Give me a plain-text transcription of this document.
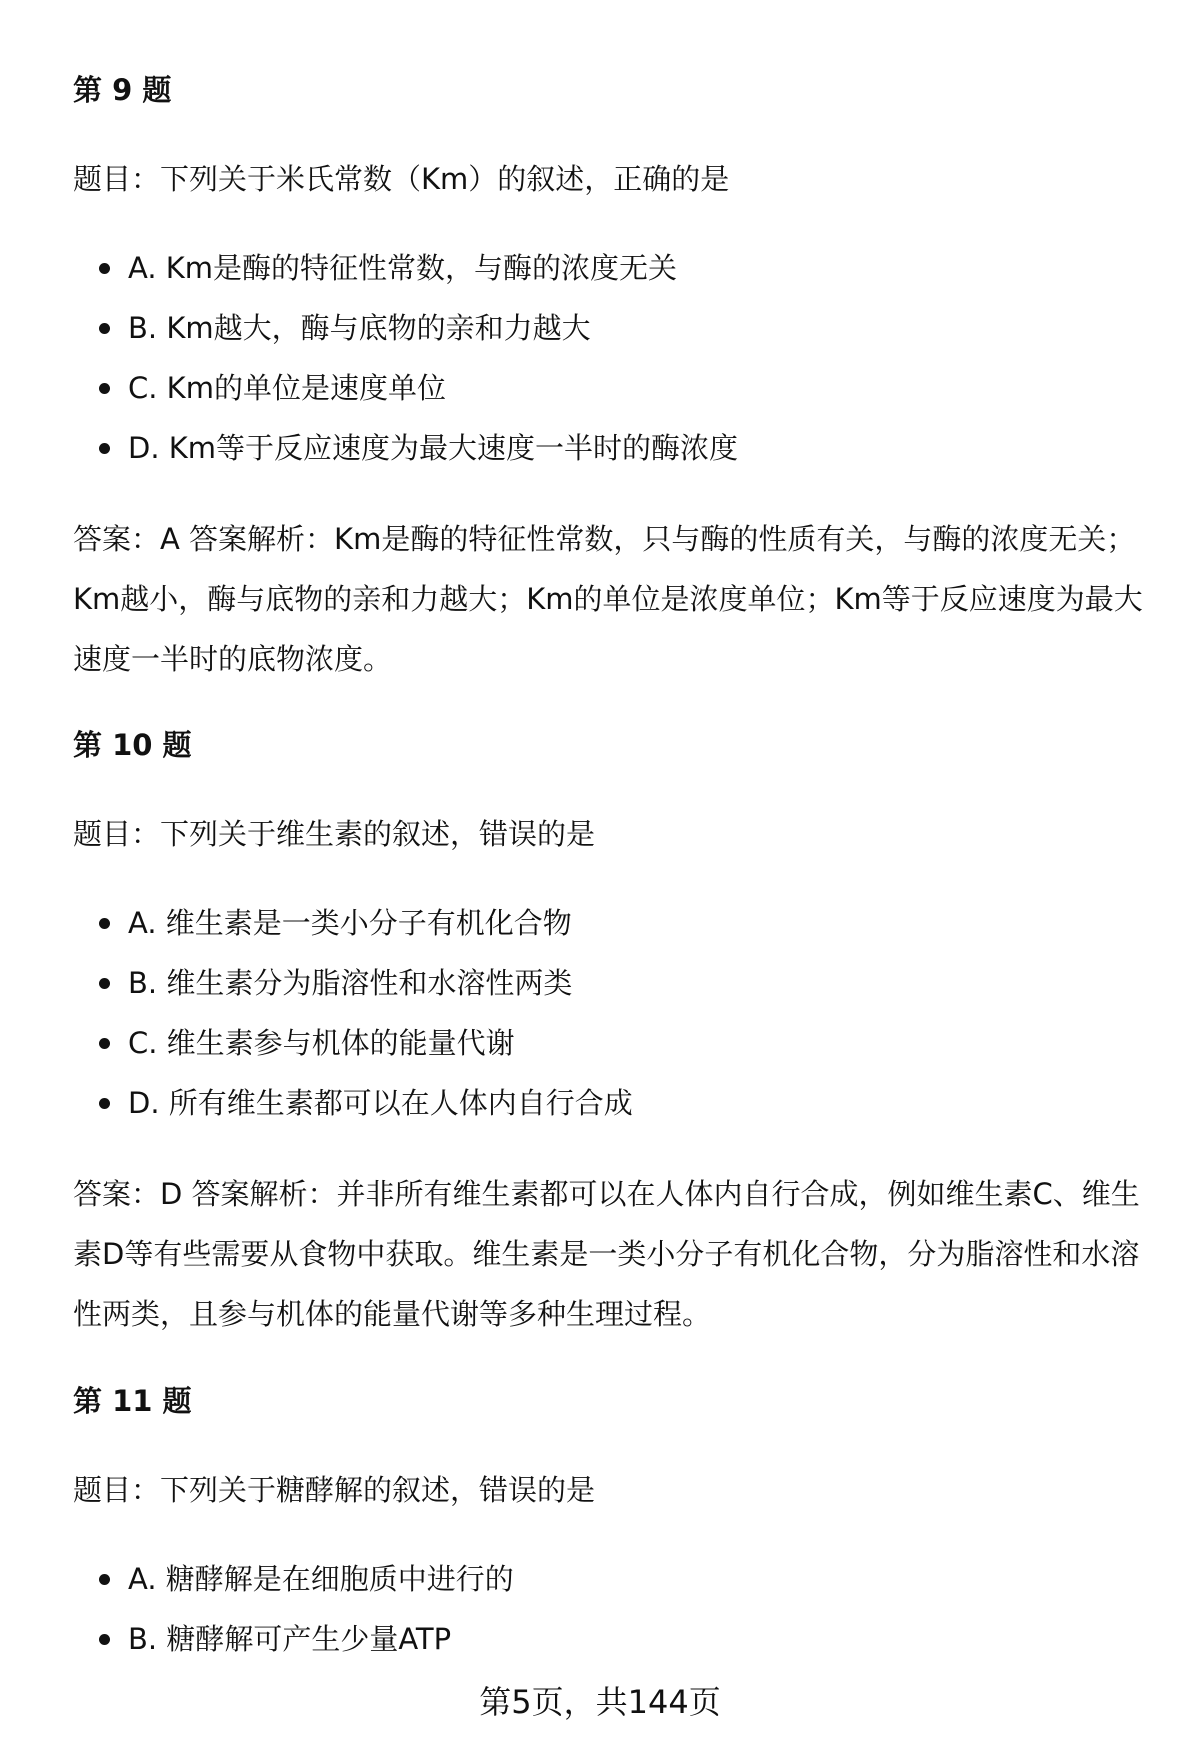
第 9 题

题目：下列关于米氏常数（Km）的叙述，正确的是

A. Km是酶的特征性常数，与酶的浓度无关
B. Km越大，酶与底物的亲和力越大
C. Km的单位是速度单位
D. Km等于反应速度为最大速度一半时的酶浓度

答案：A 答案解析：Km是酶的特征性常数，只与酶的性质有关，与酶的浓度无关；Km越小，酶与底物的亲和力越大；Km的单位是浓度单位；Km等于反应速度为最大速度一半时的底物浓度。

第 10 题

题目：下列关于维生素的叙述，错误的是

A. 维生素是一类小分子有机化合物
B. 维生素分为脂溶性和水溶性两类
C. 维生素参与机体的能量代谢
D. 所有维生素都可以在人体内自行合成

答案：D 答案解析：并非所有维生素都可以在人体内自行合成，例如维生素C、维生素D等有些需要从食物中获取。维生素是一类小分子有机化合物，分为脂溶性和水溶性两类，且参与机体的能量代谢等多种生理过程。

第 11 题

题目：下列关于糖酵解的叙述，错误的是

A. 糖酵解是在细胞质中进行的
B. 糖酵解可产生少量ATP
第5页，共144页
